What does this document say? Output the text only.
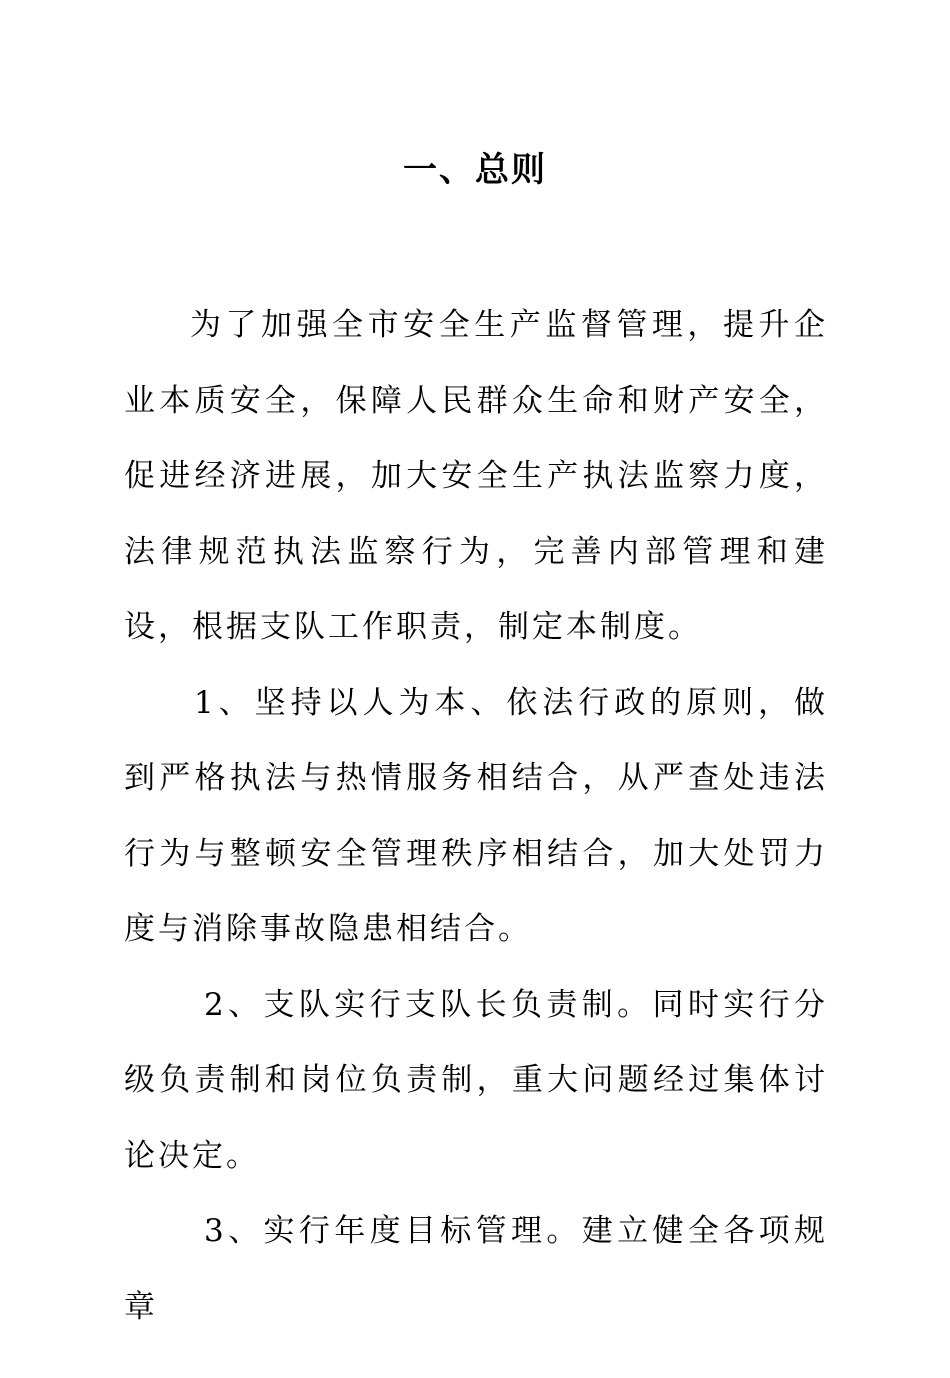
一、总则

为了加强全市安全生产监督管理，提升企业本质安全，保障人民群众生命和财产安全，促进经济进展，加大安全生产执法监察力度，法律规范执法监察行为，完善内部管理和建设，根据支队工作职责，制定本制度。

1、坚持以人为本、依法行政的原则，做到严格执法与热情服务相结合，从严查处违法行为与整顿安全管理秩序相结合，加大处罚力度与消除事故隐患相结合。

2、支队实行支队长负责制。同时实行分级负责制和岗位负责制，重大问题经过集体讨论决定。

3、实行年度目标管理。建立健全各项规章
